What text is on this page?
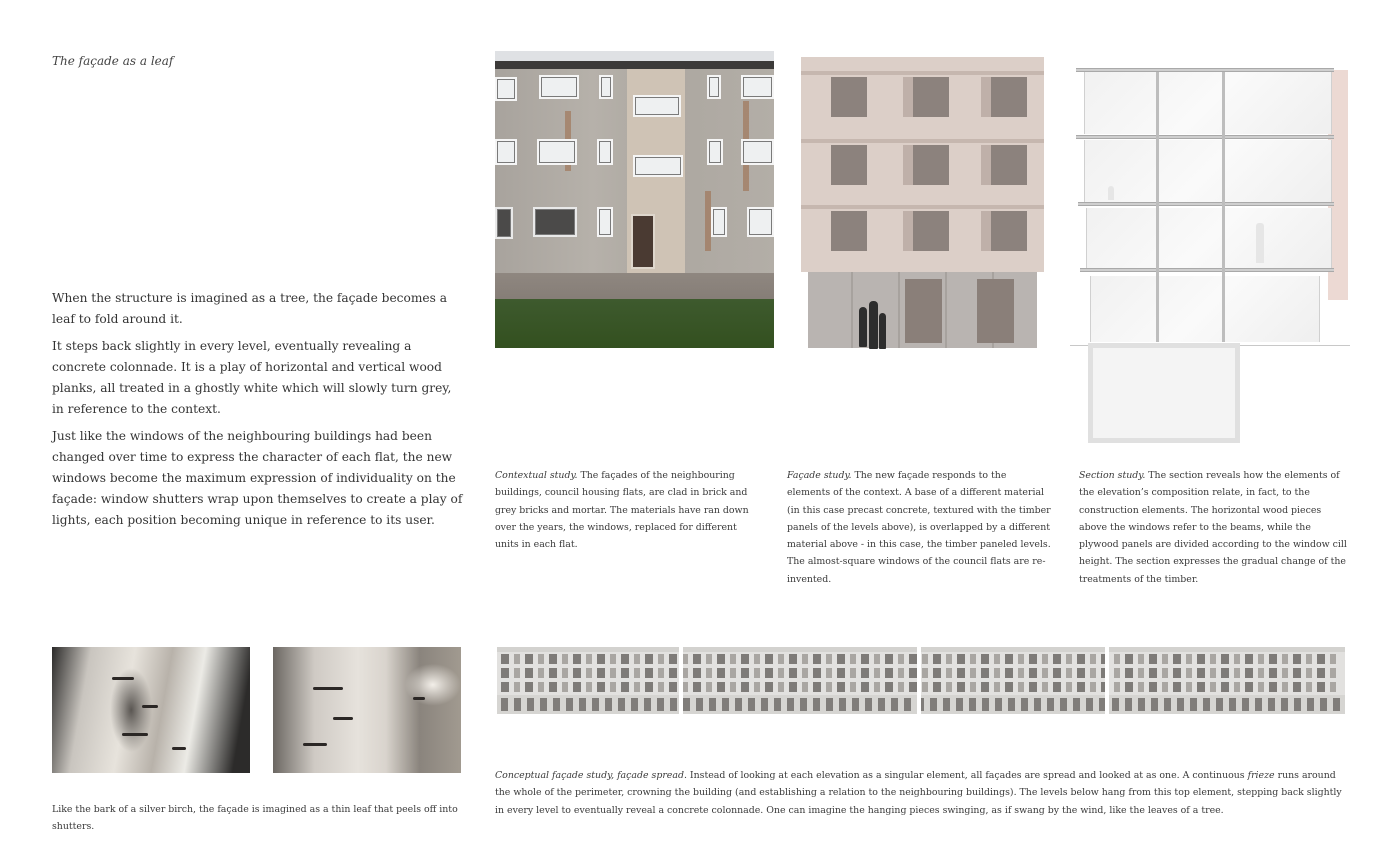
The façade as a leaf

When the structure is imagined as a tree, the façade becomes a leaf to fold around it.

It steps back slightly in every level, eventually revealing a concrete colonnade. It is a play of horizontal and vertical wood planks, all treated in a ghostly white which will slowly turn grey, in reference to the context.

Just like the windows of the neighbouring buildings had been changed over time to express the character of each flat, the new windows become the maximum expression of individuality on the façade: window shutters wrap upon themselves to create a play of lights, each position becoming unique in reference to its user.

Contextual study. The façades of the neighbouring buildings, council housing flats, are clad in brick and grey bricks and mortar. The materials have ran down over the years, the windows, replaced for different units in each flat.
Façade study. The new façade responds to the elements of the context. A base of a different material (in this case precast concrete, textured with the timber panels of the levels above), is overlapped by a different material above - in this case, the timber paneled levels. The almost-square windows of the council flats are re-invented.
Section study. The section reveals how the elements of the elevation’s composition relate, in fact, to the construction elements. The horizontal wood pieces above the windows refer to the beams, while the plywood panels are divided according to the window cill height. The section expresses the gradual change of the treatments of the timber.
Like the bark of a silver birch, the façade is imagined as a thin leaf that peels off into shutters.
Conceptual façade study, façade spread. Instead of looking at each elevation as a singular element, all façades are spread and looked at as one. A continuous frieze runs around the whole of the perimeter, crowning the building (and establishing a relation to the neighbouring buildings). The levels below hang from this top element, stepping back slightly in every level to eventually reveal a concrete colonnade. One can imagine the hanging pieces swinging, as if swang by the wind, like the leaves of a tree.
